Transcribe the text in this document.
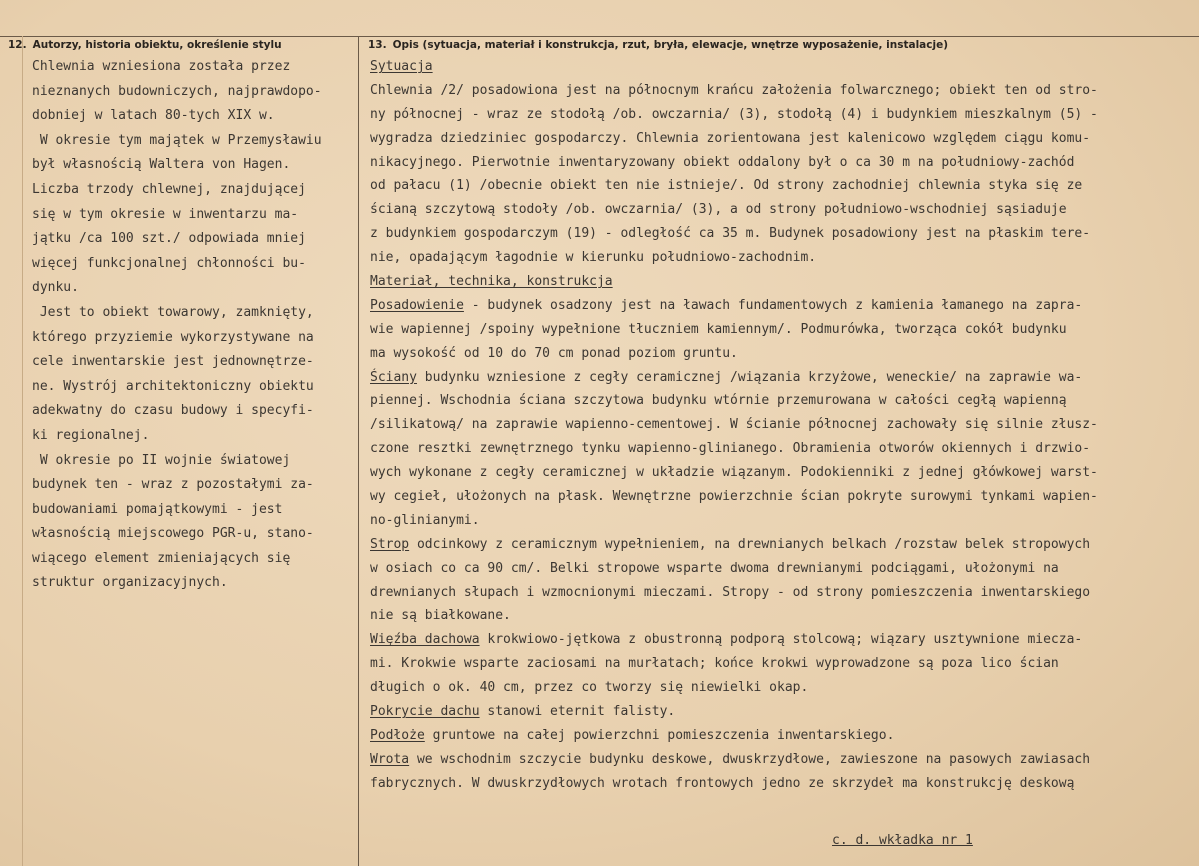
12. Autorzy, historia obiektu, określenie stylu	13. Opis (sytuacja, materiał i konstrukcja, rzut, bryła, elewacje, wnętrze wyposażenie, instalacje)
Chlewnia wzniesiona została przez
nieznanych budowniczych, najprawdopo-
dobniej w latach 80-tych XIX w.
W okresie tym majątek w Przemysławiu
był własnością Waltera von Hagen.
Liczba trzody chlewnej, znajdującej
się w tym okresie w inwentarzu ma-
jątku /ca 100 szt./ odpowiada mniej
więcej funkcjonalnej chłonności bu-
dynku.
Jest to obiekt towarowy, zamknięty,
którego przyziemie wykorzystywane na
cele inwentarskie jest jednownętrze-
ne. Wystrój architektoniczny obiektu
adekwatny do czasu budowy i specyfi-
ki regionalnej.
W okresie po II wojnie światowej
budynek ten - wraz z pozostałymi za-
budowaniami pomajątkowymi - jest
własnością miejscowego PGR-u, stano-
wiącego element zmieniających się
struktur organizacyjnych.
Sytuacja
Chlewnia /2/ posadowiona jest na północnym krańcu założenia folwarcznego; obiekt ten od stro-
ny północnej - wraz ze stodołą /ob. owczarnia/ (3), stodołą (4) i budynkiem mieszkalnym (5) -
wygradza dziedziniec gospodarczy. Chlewnia zorientowana jest kalenicowo względem ciągu komu-
nikacyjnego. Pierwotnie inwentaryzowany obiekt oddalony był o ca 30 m na południowy-zachód
od pałacu (1) /obecnie obiekt ten nie istnieje/. Od strony zachodniej chlewnia styka się ze
ścianą szczytową stodoły /ob. owczarnia/ (3), a od strony południowo-wschodniej sąsiaduje
z budynkiem gospodarczym (19) - odległość ca 35 m. Budynek posadowiony jest na płaskim tere-
nie, opadającym łagodnie w kierunku południowo-zachodnim.
Materiał, technika, konstrukcja
Posadowienie - budynek osadzony jest na ławach fundamentowych z kamienia łamanego na zapra-
wie wapiennej /spoiny wypełnione tłuczniem kamiennym/. Podmurówka, tworząca cokół budynku
ma wysokość od 10 do 70 cm ponad poziom gruntu.
Ściany budynku wzniesione z cegły ceramicznej /wiązania krzyżowe, weneckie/ na zaprawie wa-
piennej. Wschodnia ściana szczytowa budynku wtórnie przemurowana w całości cegłą wapienną
/silikatową/ na zaprawie wapienno-cementowej. W ścianie północnej zachowały się silnie złusz-
czone resztki zewnętrznego tynku wapienno-glinianego. Obramienia otworów okiennych i drzwio-
wych wykonane z cegły ceramicznej w układzie wiązanym. Podokienniki z jednej główkowej warst-
wy cegieł, ułożonych na płask. Wewnętrzne powierzchnie ścian pokryte surowymi tynkami wapien-
no-glinianymi.
Strop odcinkowy z ceramicznym wypełnieniem, na drewnianych belkach /rozstaw belek stropowych
w osiach co ca 90 cm/. Belki stropowe wsparte dwoma drewnianymi podciągami, ułożonymi na
drewnianych słupach i wzmocnionymi mieczami. Stropy - od strony pomieszczenia inwentarskiego
nie są białkowane.
Więźba dachowa krokwiowo-jętkowa z obustronną podporą stolcową; wiązary usztywnione miecza-
mi. Krokwie wsparte zaciosami na murłatach; końce krokwi wyprowadzone są poza lico ścian
długich o ok. 40 cm, przez co tworzy się niewielki okap.
Pokrycie dachu stanowi eternit falisty.
Podłoże gruntowe na całej powierzchni pomieszczenia inwentarskiego.
Wrota we wschodnim szczycie budynku deskowe, dwuskrzydłowe, zawieszone na pasowych zawiasach
fabrycznych. W dwuskrzydłowych wrotach frontowych jedno ze skrzydeł ma konstrukcję deskową
c. d. wkładka nr 1
